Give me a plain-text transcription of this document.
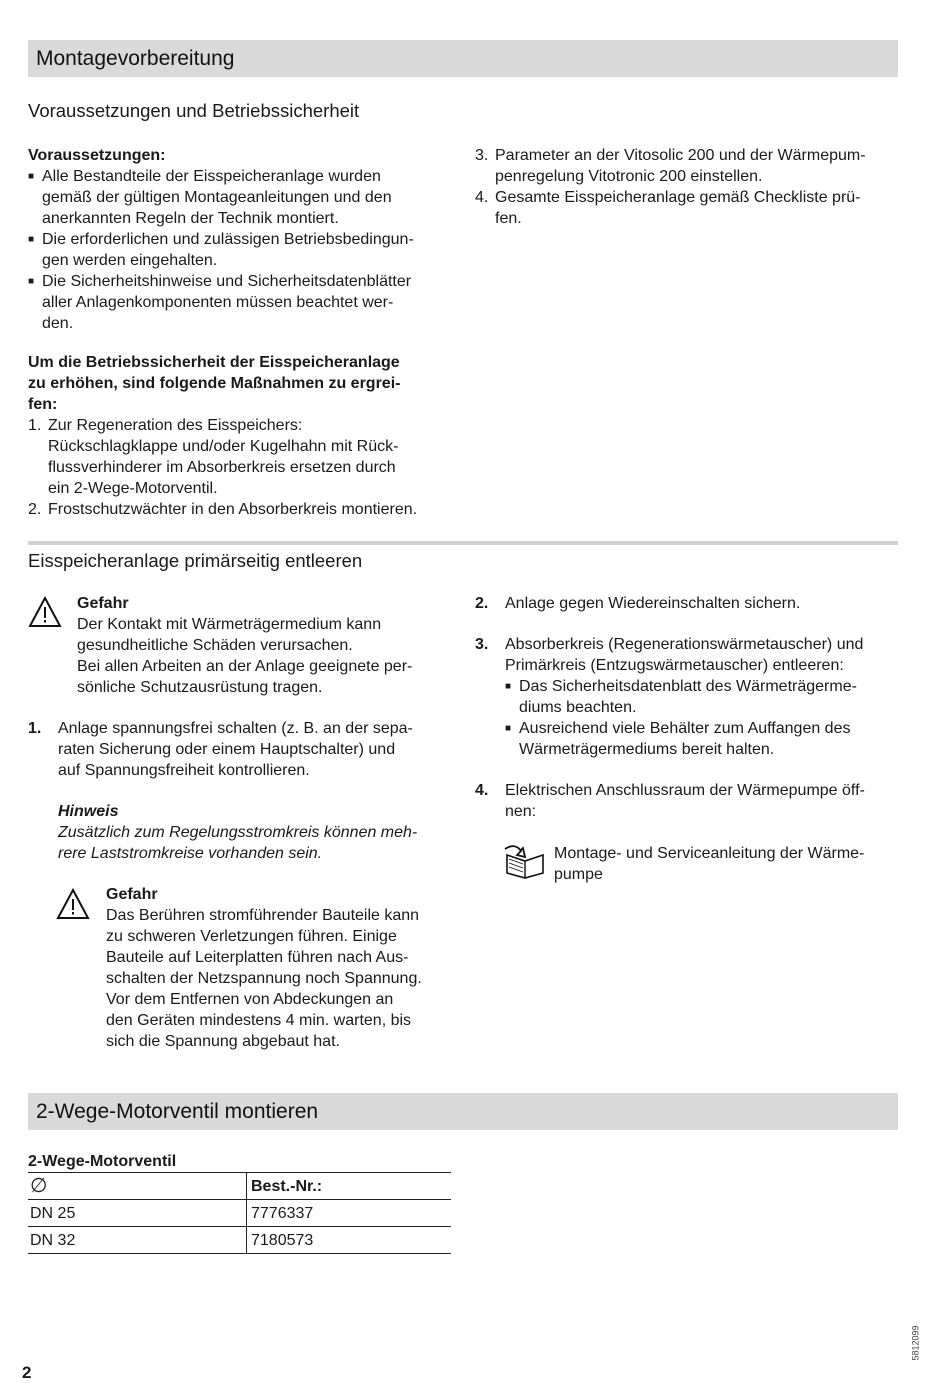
Montagevorbereitung
Voraussetzungen und Betriebssicherheit
Voraussetzungen:
■ Alle Bestandteile der Eisspeicheranlage wurden
gemäß der gültigen Montageanleitungen und den
anerkannten Regeln der Technik montiert.
■ Die erforderlichen und zulässigen Betriebsbedingun-
gen werden eingehalten.
■ Die Sicherheitshinweise und Sicherheitsdatenblätter
aller Anlagenkomponenten müssen beachtet wer-
den.
Um die Betriebssicherheit der Eisspeicheranlage
zu erhöhen, sind folgende Maßnahmen zu ergrei-
fen:
1. Zur Regeneration des Eisspeichers:
Rückschlagklappe und/oder Kugelhahn mit Rück-
flussverhinderer im Absorberkreis ersetzen durch
ein 2-Wege-Motorventil.
2. Frostschutzwächter in den Absorberkreis montieren.
3. Parameter an der Vitosolic 200 und der Wärmepum-
penregelung Vitotronic 200 einstellen.
4. Gesamte Eisspeicheranlage gemäß Checkliste prü-
fen.
Eisspeicheranlage primärseitig entleeren
Gefahr
Der Kontakt mit Wärmeträgermedium kann
gesundheitliche Schäden verursachen.
Bei allen Arbeiten an der Anlage geeignete per-
sönliche Schutzausrüstung tragen.
1.	Anlage spannungsfrei schalten (z. B. an der sepa-
raten Sicherung oder einem Hauptschalter) und
auf Spannungsfreiheit kontrollieren.
Hinweis
Zusätzlich zum Regelungsstromkreis können meh-
rere Laststromkreise vorhanden sein.
Gefahr
Das Berühren stromführender Bauteile kann
zu schweren Verletzungen führen. Einige
Bauteile auf Leiterplatten führen nach Aus-
schalten der Netzspannung noch Spannung.
Vor dem Entfernen von Abdeckungen an
den Geräten mindestens 4 min. warten, bis
sich die Spannung abgebaut hat.
2.	Anlage gegen Wiedereinschalten sichern.
3.	Absorberkreis (Regenerationswärmetauscher) und
Primärkreis (Entzugswärmetauscher) entleeren:
■ Das Sicherheitsdatenblatt des Wärmeträgerme-
diums beachten.
■ Ausreichend viele Behälter zum Auffangen des
Wärmeträgermediums bereit halten.
4.	Elektrischen Anschlussraum der Wärmepumpe öff-
nen:
Montage- und Serviceanleitung der Wärme-
pumpe
2-Wege-Motorventil montieren
2-Wege-Motorventil
∅	Best.-Nr.:
DN 25	7776337
DN 32	7180573
2
5812099
